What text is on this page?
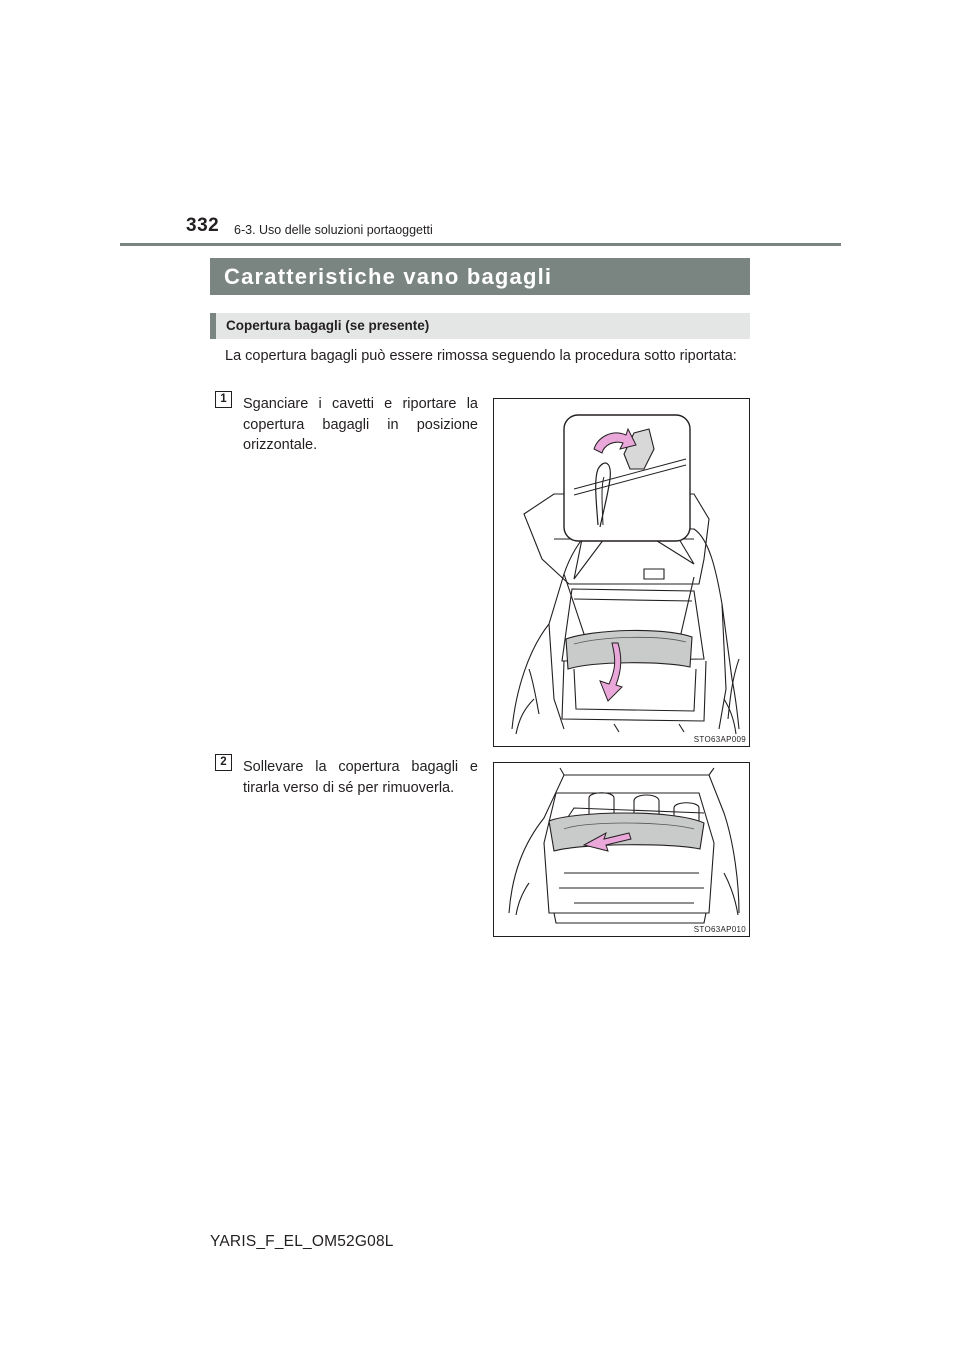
332 6-3. Uso delle soluzioni portaoggetti
Caratteristiche vano bagagli
Copertura bagagli (se presente)
La copertura bagagli può essere rimossa seguendo la procedura sotto riportata:
1	Sganciare i cavetti e riportare la copertura bagagli in posizione orizzontale.
STO63AP009
2	Sollevare la copertura bagagli e tirarla verso di sé per rimuoverla.
STO63AP010
YARIS_F_EL_OM52G08L
